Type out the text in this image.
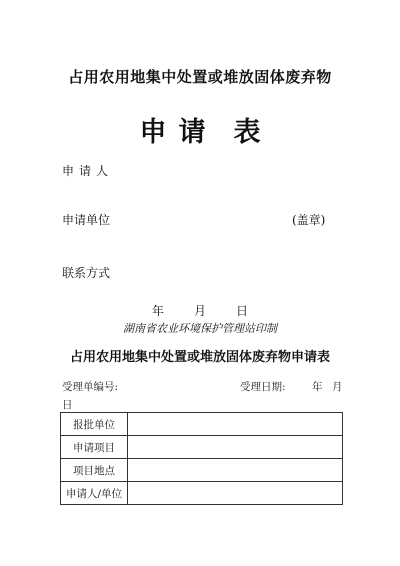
占用农用地集中处置或堆放固体废弃物
申 请 表
申请人
申请单位	(盖章)
联系方式
年	月	日
湖南省农业环境保护管理站印制
占用农用地集中处置或堆放固体废弃物申请表
受理单编号:	受理日期:	年 月
日
报批单位	
申请项目	
项目地点	
申请人/单位	
